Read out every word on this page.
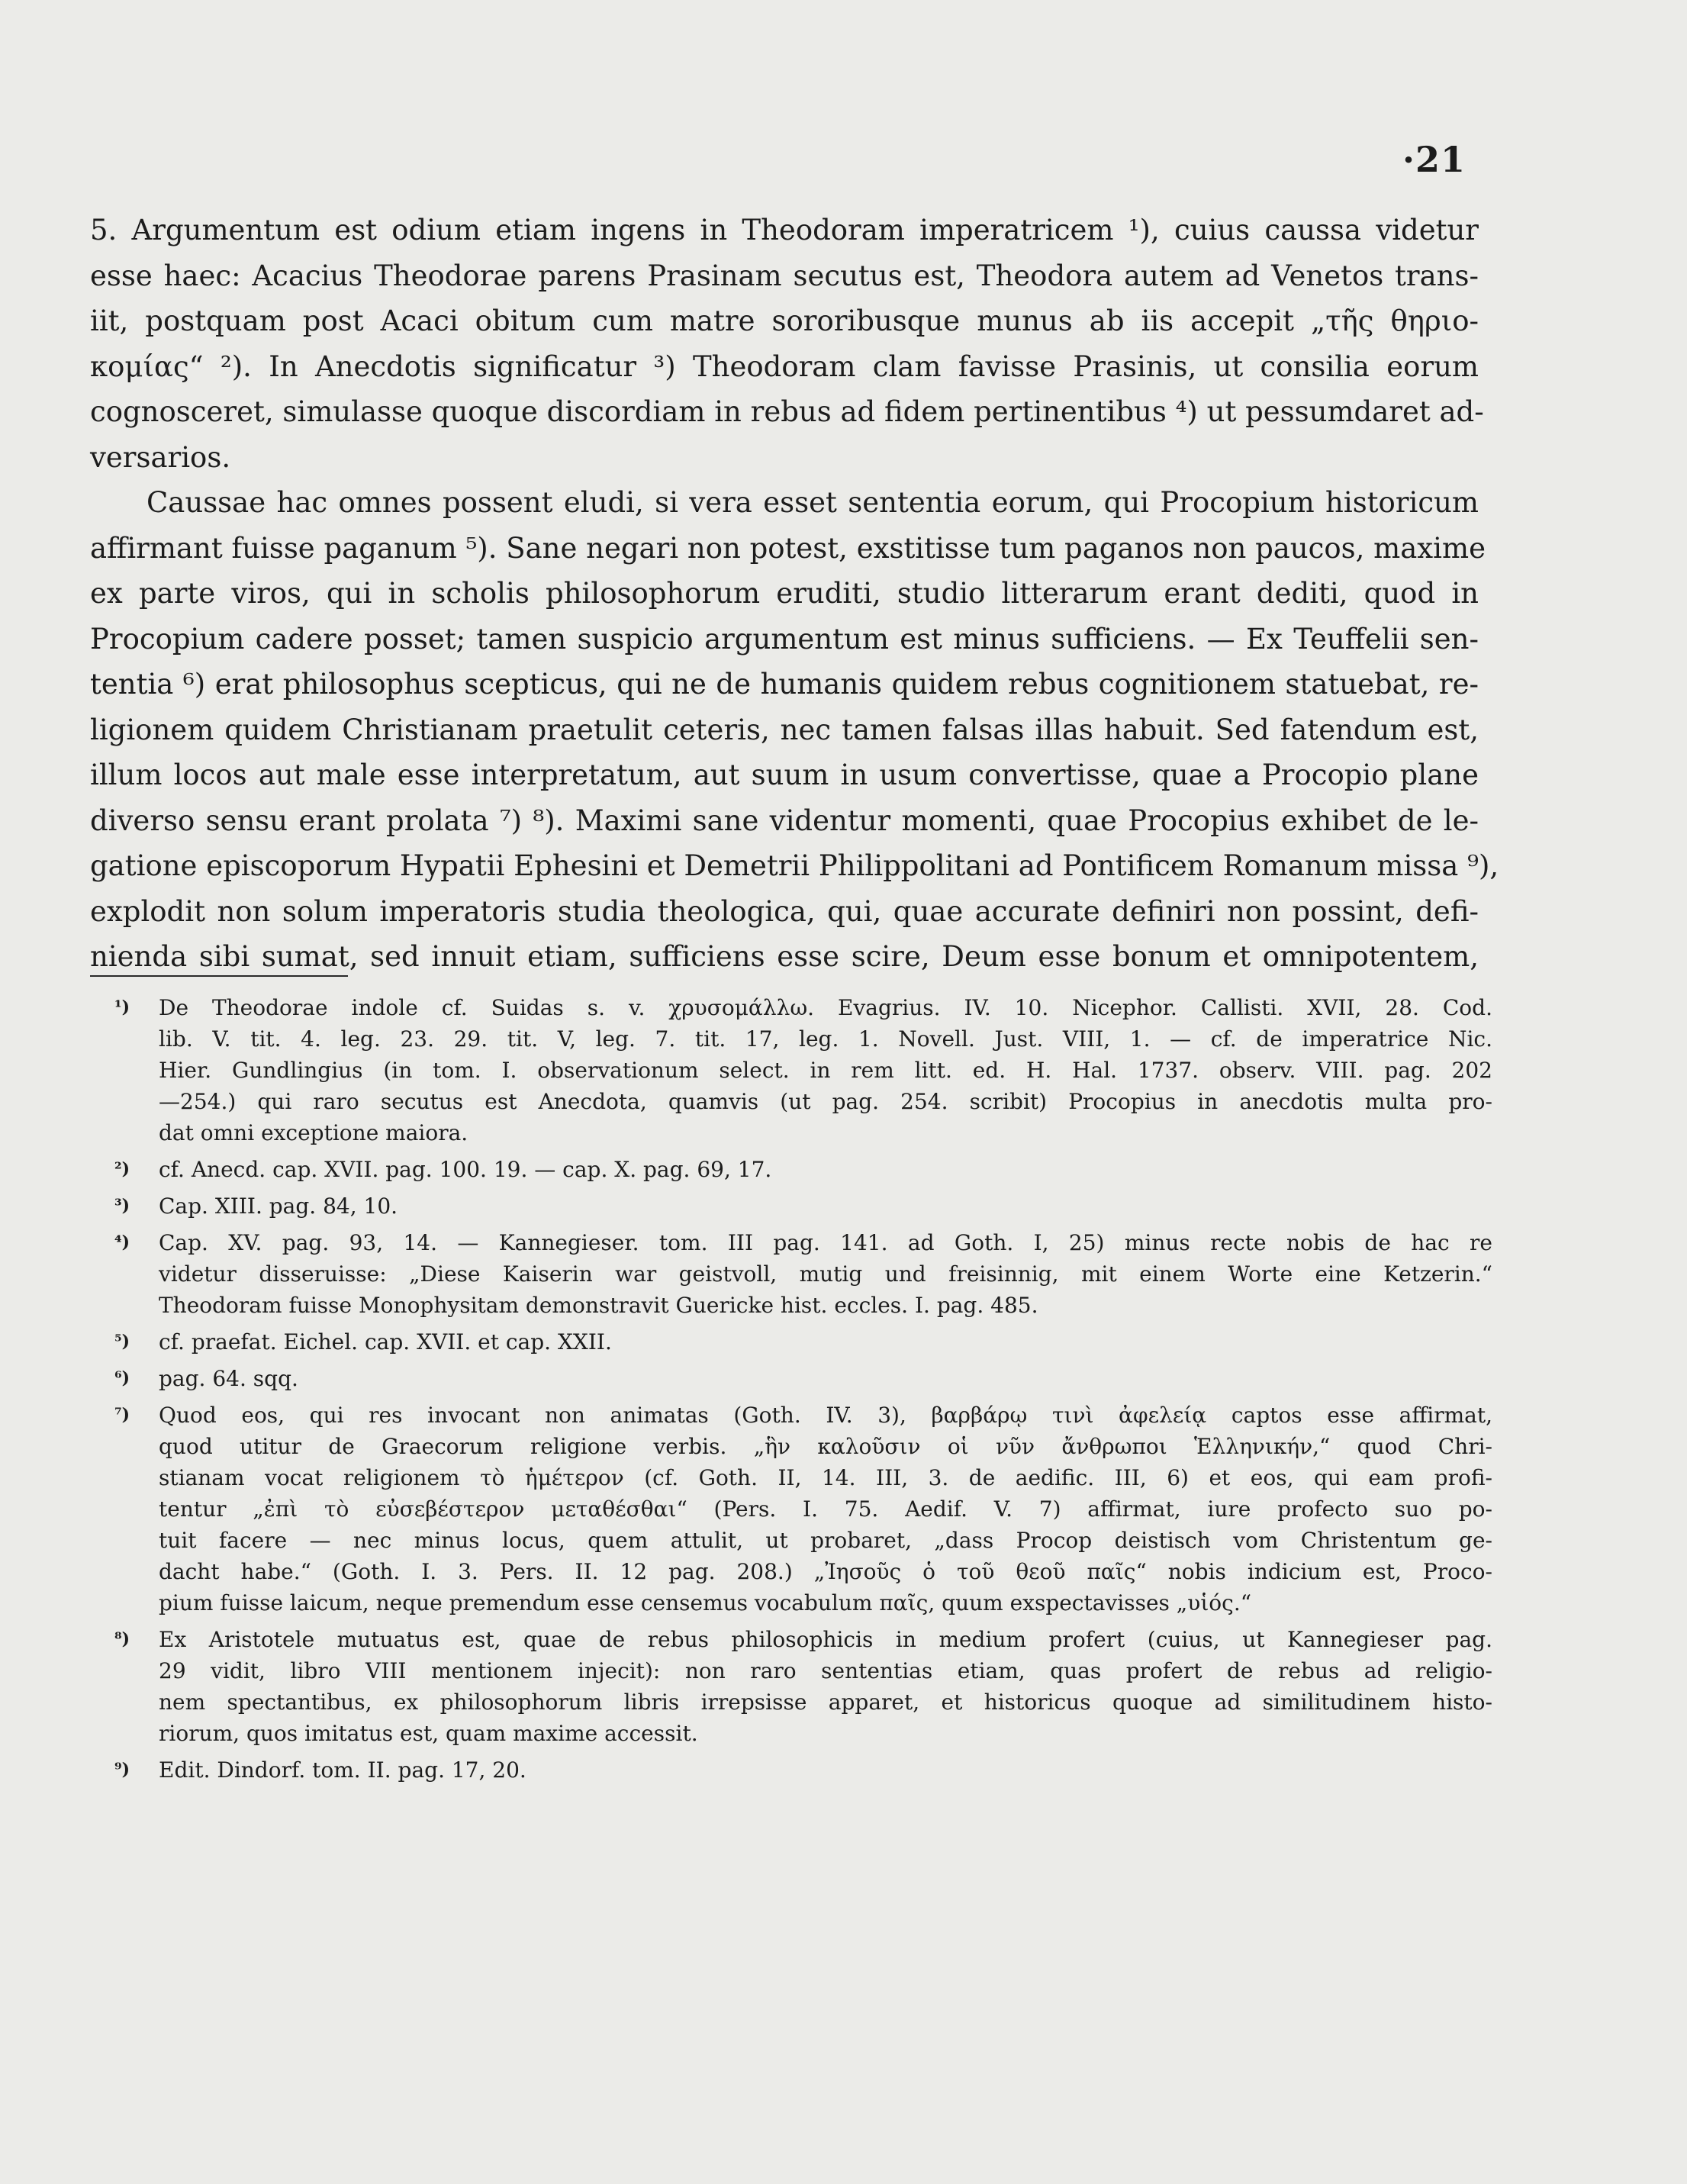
·21
5. Argumentum est odium etiam ingens in Theodoram imperatricem ¹), cuius caussa videtur
esse haec: Acacius Theodorae parens Prasinam secutus est, Theodora autem ad Venetos trans-
iit, postquam post Acaci obitum cum matre sororibusque munus ab iis accepit „τῆς θηριο-
κομίας“ ²). In Anecdotis significatur ³) Theodoram clam favisse Prasinis, ut consilia eorum
cognosceret, simulasse quoque discordiam in rebus ad fidem pertinentibus ⁴) ut pessumdaret ad-
versarios.
Caussae hac omnes possent eludi, si vera esset sententia eorum, qui Procopium historicum
affirmant fuisse paganum ⁵). Sane negari non potest, exstitisse tum paganos non paucos, maxime
ex parte viros, qui in scholis philosophorum eruditi, studio litterarum erant dediti, quod in
Procopium cadere posset; tamen suspicio argumentum est minus sufficiens. — Ex Teuffelii sen-
tentia ⁶) erat philosophus scepticus, qui ne de humanis quidem rebus cognitionem statuebat, re-
ligionem quidem Christianam praetulit ceteris, nec tamen falsas illas habuit. Sed fatendum est,
illum locos aut male esse interpretatum, aut suum in usum convertisse, quae a Procopio plane
diverso sensu erant prolata ⁷) ⁸). Maximi sane videntur momenti, quae Procopius exhibet de le-
gatione episcoporum Hypatii Ephesini et Demetrii Philippolitani ad Pontificem Romanum missa ⁹),
explodit non solum imperatoris studia theologica, qui, quae accurate definiri non possint, defi-
nienda sibi sumat, sed innuit etiam, sufficiens esse scire, Deum esse bonum et omnipotentem,
¹) De Theodorae indole cf. Suidas s. v. χρυσομάλλω. Evagrius. IV. 10. Nicephor. Callisti. XVII, 28. Cod.
lib. V. tit. 4. leg. 23. 29. tit. V, leg. 7. tit. 17, leg. 1. Novell. Just. VIII, 1. — cf. de imperatrice Nic.
Hier. Gundlingius (in tom. I. observationum select. in rem litt. ed. H. Hal. 1737. observ. VIII. pag. 202
—254.) qui raro secutus est Anecdota, quamvis (ut pag. 254. scribit) Procopius in anecdotis multa pro-
dat omni exceptione maiora.
²) cf. Anecd. cap. XVII. pag. 100. 19. — cap. X. pag. 69, 17.
³) Cap. XIII. pag. 84, 10.
⁴) Cap. XV. pag. 93, 14. — Kannegieser. tom. III pag. 141. ad Goth. I, 25) minus recte nobis de hac re
videtur disseruisse: „Diese Kaiserin war geistvoll, mutig und freisinnig, mit einem Worte eine Ketzerin.“
Theodoram fuisse Monophysitam demonstravit Guericke hist. eccles. I. pag. 485.
⁵) cf. praefat. Eichel. cap. XVII. et cap. XXII.
⁶) pag. 64. sqq.
⁷) Quod eos, qui res invocant non animatas (Goth. IV. 3), βαρβάρῳ τινὶ ἀφελείᾳ captos esse affirmat,
quod utitur de Graecorum religione verbis. „ἣν καλοῦσιν οἱ νῦν ἄνθρωποι Ἑλληνικήν,“ quod Chri-
stianam vocat religionem τὸ ἡμέτερον (cf. Goth. II, 14. III, 3. de aedific. III, 6) et eos, qui eam profi-
tentur „ἐπὶ τὸ εὐσεβέστερον μεταθέσθαι“ (Pers. I. 75. Aedif. V. 7) affirmat, iure profecto suo po-
tuit facere — nec minus locus, quem attulit, ut probaret, „dass Procop deistisch vom Christentum ge-
dacht habe.“ (Goth. I. 3. Pers. II. 12 pag. 208.) „Ἰησοῦς ὁ τοῦ θεοῦ παῖς“ nobis indicium est, Proco-
pium fuisse laicum, neque premendum esse censemus vocabulum παῖς, quum exspectavisses „υἱός.“
⁸) Ex Aristotele mutuatus est, quae de rebus philosophicis in medium profert (cuius, ut Kannegieser pag.
29 vidit, libro VIII mentionem injecit): non raro sententias etiam, quas profert de rebus ad religio-
nem spectantibus, ex philosophorum libris irrepsisse apparet, et historicus quoque ad similitudinem histo-
riorum, quos imitatus est, quam maxime accessit.
⁹) Edit. Dindorf. tom. II. pag. 17, 20.
